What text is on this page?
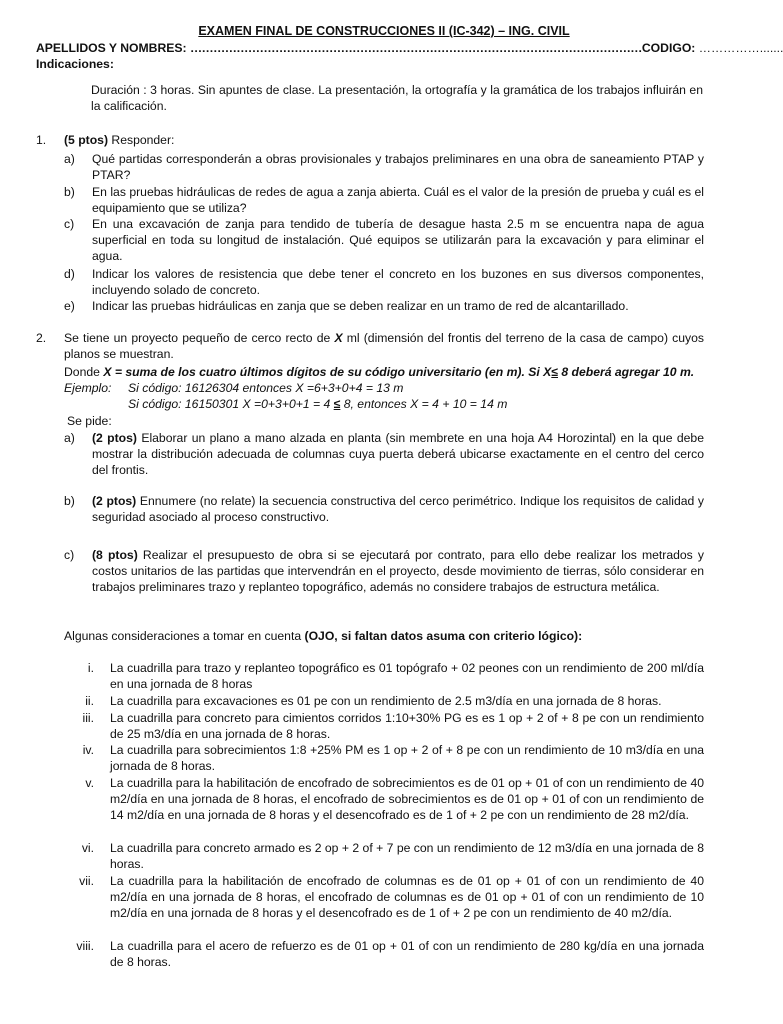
EXAMEN FINAL DE CONSTRUCCIONES II (IC-342) – ING. CIVIL
APELLIDOS Y NOMBRES: ………………………………………………………………………………………………………CODIGO: …………….......
Indicaciones:
Duración : 3 horas. Sin apuntes de clase. La presentación, la ortografía y la gramática de los trabajos influirán en la calificación.
1. (5 ptos) Responder:
a) Qué partidas corresponderán a obras provisionales y trabajos preliminares en una obra de saneamiento PTAP y PTAR?
b) En las pruebas hidráulicas de redes de agua a zanja abierta. Cuál es el valor de la presión de prueba y cuál es el equipamiento que se utiliza?
c) En una excavación de zanja para tendido de tubería de desague hasta 2.5 m se encuentra napa de agua superficial en toda su longitud de instalación. Qué equipos se utilizarán para la excavación y para eliminar el agua.
d) Indicar los valores de resistencia que debe tener el concreto en los buzones en sus diversos componentes, incluyendo solado de concreto.
e) Indicar las pruebas hidráulicas en zanja que se deben realizar en un tramo de red de alcantarillado.
2. Se tiene un proyecto pequeño de cerco recto de X ml (dimensión del frontis del terreno de la casa de campo) cuyos planos se muestran.
Donde X = suma de los cuatro últimos dígitos de su código universitario (en m). Si X≤ 8 deberá agregar 10 m.
Ejemplo: Si código: 16126304 entonces X =6+3+0+4 = 13 m
Si código: 16150301 X =0+3+0+1 = 4 ≤ 8, entonces X = 4 + 10 = 14 m
Se pide:
a) (2 ptos) Elaborar un plano a mano alzada en planta (sin membrete en una hoja A4 Horozintal) en la que debe mostrar la distribución adecuada de columnas cuya puerta deberá ubicarse exactamente en el centro del cerco del frontis.
b) (2 ptos) Ennumere (no relate) la secuencia constructiva del cerco perimétrico. Indique los requisitos de calidad y seguridad asociado al proceso constructivo.
c) (8 ptos) Realizar el presupuesto de obra si se ejecutará por contrato, para ello debe realizar los metrados y costos unitarios de las partidas que intervendrán en el proyecto, desde movimiento de tierras, sólo considerar en trabajos preliminares trazo y replanteo topográfico, además no considere trabajos de estructura metálica.
Algunas consideraciones a tomar en cuenta (OJO, si faltan datos asuma con criterio lógico):
i. La cuadrilla para trazo y replanteo topográfico es 01 topógrafo + 02 peones con un rendimiento de 200 ml/día en una jornada de 8 horas
ii. La cuadrilla para excavaciones es 01 pe con un rendimiento de 2.5 m3/día en una jornada de 8 horas.
iii. La cuadrilla para concreto para cimientos corridos 1:10+30% PG es es 1 op + 2 of + 8 pe con un rendimiento de 25 m3/día en una jornada de 8 horas.
iv. La cuadrilla para sobrecimientos 1:8 +25% PM es 1 op + 2 of + 8 pe con un rendimiento de 10 m3/día en una jornada de 8 horas.
v. La cuadrilla para la habilitación de encofrado de sobrecimientos es de 01 op + 01 of con un rendimiento de 40 m2/día en una jornada de 8 horas, el encofrado de sobrecimientos es de 01 op + 01 of con un rendimiento de 14 m2/día en una jornada de 8 horas y el desencofrado es de 1 of + 2 pe con un rendimiento de 28 m2/día.
vi. La cuadrilla para concreto armado es 2 op + 2 of + 7 pe con un rendimiento de 12 m3/día en una jornada de 8 horas.
vii. La cuadrilla para la habilitación de encofrado de columnas es de 01 op + 01 of con un rendimiento de 40 m2/día en una jornada de 8 horas, el encofrado de columnas es de 01 op + 01 of con un rendimiento de 10 m2/día en una jornada de 8 horas y el desencofrado es de 1 of + 2 pe con un rendimiento de 40 m2/día.
viii. La cuadrilla para el acero de refuerzo es de 01 op + 01 of con un rendimiento de 280 kg/día en una jornada de 8 horas.
